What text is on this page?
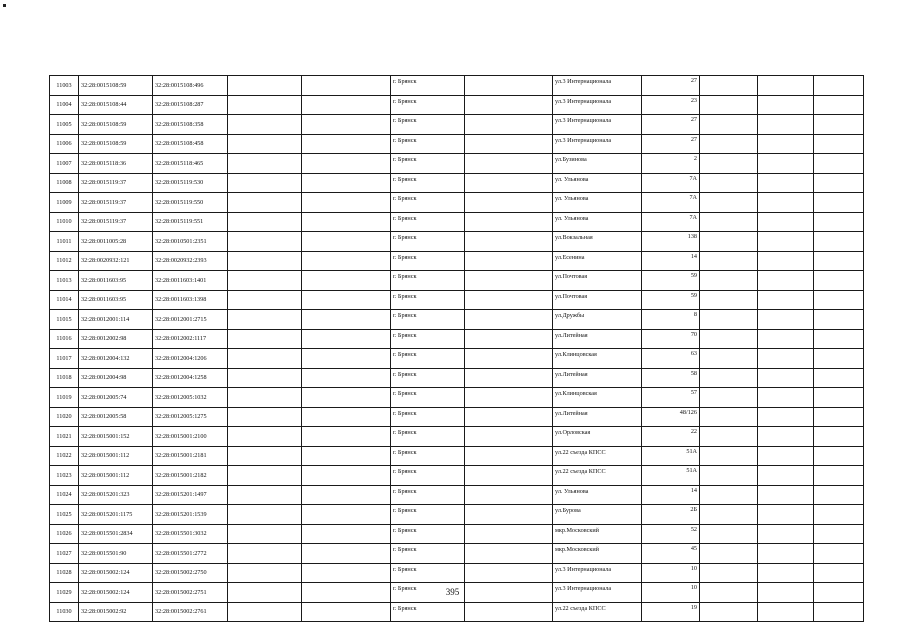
11003	32:28:0015108:59	32:28:0015108:496			г. Брянск		ул.3 Интернационала	27			
11004	32:28:0015108:44	32:28:0015108:287			г. Брянск		ул.3 Интернационала	23			
11005	32:28:0015108:59	32:28:0015108:358			г. Брянск		ул.3 Интернационала	27			
11006	32:28:0015108:59	32:28:0015108:458			г. Брянск		ул.3 Интернационала	27			
11007	32:28:0015118:36	32:28:0015118:465			г. Брянск		ул.Бузинова	2			
11008	32:28:0015119:37	32:28:0015119:530			г. Брянск		ул. Ульянова	7А			
11009	32:28:0015119:37	32:28:0015119:550			г. Брянск		ул. Ульянова	7А			
11010	32:28:0015119:37	32:28:0015119:551			г. Брянск		ул. Ульянова	7А			
11011	32:28:0011005:28	32:28:0010501:2351			г. Брянск		ул.Вокзальная	138			
11012	32:28:0020932:121	32:28:0020932:2393			г. Брянск		ул.Есенина	14			
11013	32:28:0011603:95	32:28:0011603:1401			г. Брянск		ул.Почтовая	59			
11014	32:28:0011603:95	32:28:0011603:1398			г. Брянск		ул.Почтовая	59			
11015	32:28:0012001:114	32:28:0012001:2715			г. Брянск		ул.Дружбы	8			
11016	32:28:0012002:98	32:28:0012002:1117			г. Брянск		ул.Литейная	70			
11017	32:28:0012004:132	32:28:0012004:1206			г. Брянск		ул.Клинцовская	63			
11018	32:28:0012004:98	32:28:0012004:1258			г. Брянск		ул.Литейная	58			
11019	32:28:0012005:74	32:28:0012005:1032			г. Брянск		ул.Клинцовская	57			
11020	32:28:0012005:58	32:28:0012005:1275			г. Брянск		ул.Литейная	48/126			
11021	32:28:0015001:152	32:28:0015001:2100			г. Брянск		ул.Орловская	22			
11022	32:28:0015001:112	32:28:0015001:2181			г. Брянск		ул.22 съезда КПСС	51А			
11023	32:28:0015001:112	32:28:0015001:2182			г. Брянск		ул.22 съезда КПСС	51А			
11024	32:28:0015201:323	32:28:0015201:1497			г. Брянск		ул. Ульянова	14			
11025	32:28:0015201:1175	32:28:0015201:1539			г. Брянск		ул.Бурова	2Б			
11026	32:28:0015501:2834	32:28:0015501:3032			г. Брянск		мкр.Московский	52			
11027	32:28:0015501:90	32:28:0015501:2772			г. Брянск		мкр.Московский	45			
11028	32:28:0015002:124	32:28:0015002:2750			г. Брянск		ул.3 Интернационала	10			
11029	32:28:0015002:124	32:28:0015002:2751			г. Брянск		ул.3 Интернационала	10			
11030	32:28:0015002:92	32:28:0015002:2761			г. Брянск		ул.22 съезда КПСС	19			
395
